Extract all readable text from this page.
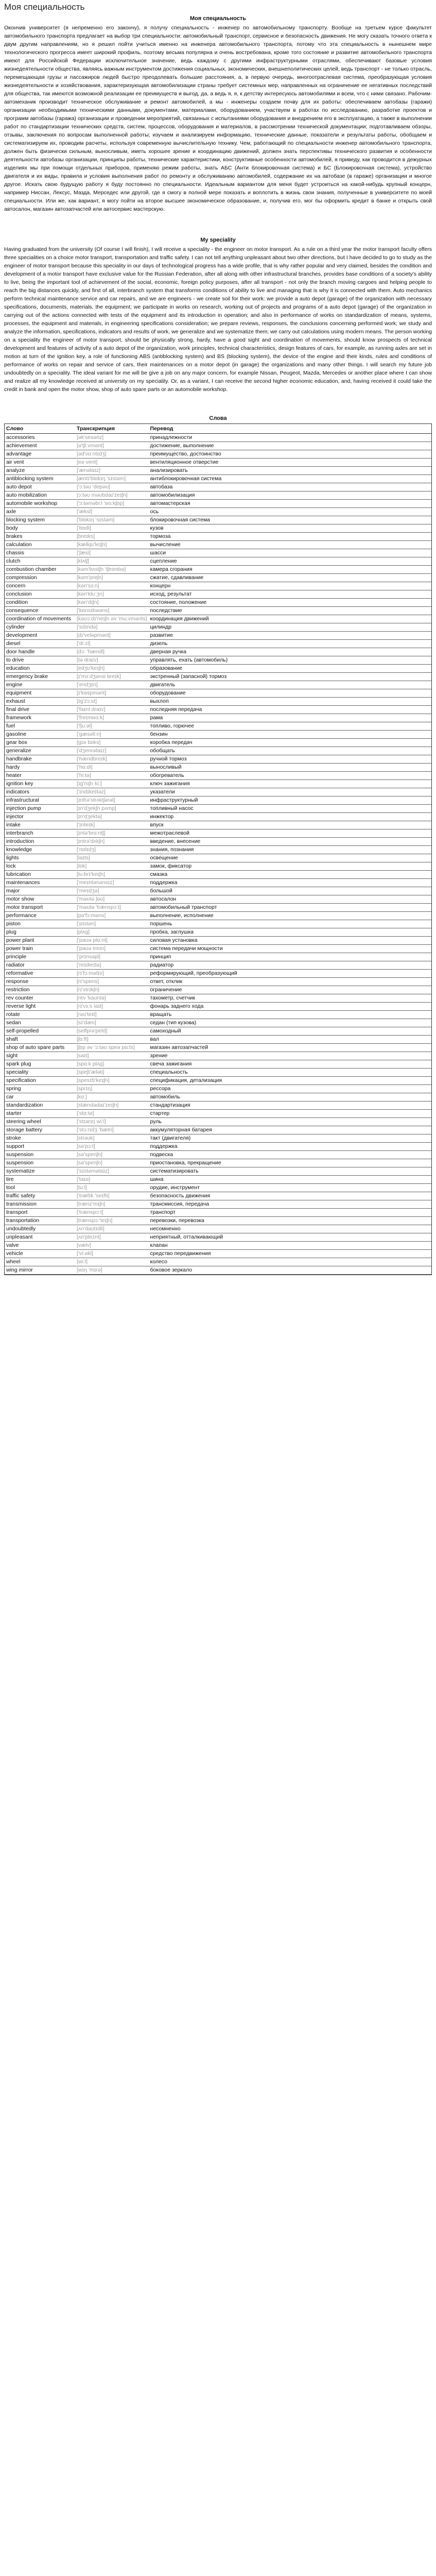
Моя специальность
Моя специальность

Окончив университет (я непременно его закончу), я получу специальность - инженер по автомобильному транспорту. Вообще на третьем курсе факультет автомобильного транспорта предлагает на выбор три специальности: автомобильный транспорт, сервисное и безопасность движения. Не могу сказать точного ответа к двум другим направлениям, но я решил пойти учиться именно на инженера автомобильного транспорта, потому что эта специальность в нынешнем мире технологического прогресса имеет широкий профиль, поэтому весьма популярна и очень востребована, кроме того состояние и развитие автомобильного транспорта имеют для Российской Федерации исключительное значение, ведь каждому с другими инфраструктурными отраслями, обеспечивают базовые условия жизнедеятельности общества, являясь важным инструментом достижения социальных, экономических, внешнеполитических целей, ведь транспорт - не только отрасль, перемещающая грузы и пассажиров людей быстро преодолевать большие расстояния, а, в первую очередь, многоотраслевая система, преобразующая условия жизнедеятельности и хозяйствования, характеризующая автомобилизации страны требует системных мер, направленных на ограничение ее негативных последствий для общества, так имеются возможной реализации ее преимуществ и выгод, да, а ведь я, я, к детству интересуюсь автомобилями и всем, что с ними связано. Рабочим-автомеханик производит техническое обслуживание и ремонт автомобилей, а мы - инженеры создаем почву для их работы: обеспечиваем автобазы (гаражи) организации необходимыми техническими данными, документами, материалами, оборудованием, участвуем в работах по исследованию, разработке проектов и программ автобазы (гаража) организации и проведении мероприятий, связанных с испытаниями оборудования и внедрением его в эксплуатацию, а также в выполнении работ по стандартизации технических средств, систем, процессов, оборудования и материалов, в рассмотрении технической документации; подготавливаем обзоры, отзывы, заключения по вопросам выполненной работы; изучаем и анализируем информацию, технические данные, показатели и результаты работы, обобщаем и систематизируем их, проводим расчеты, используя современную вычислительную технику. Чем, работающий по специальности инженер автомобильного транспорта, должен быть физически сильным, выносливым, иметь хорошее зрение и координацию движений, должен знать перспективы технического развития и особенности деятельности автобазы организации, принципы работы, технические характеристики, конструктивные особенности автомобилей, я приведу, как проводится в дежурных изделиях мы при помощи отдельных приборов, применяю режим работы, знать АБС (Анти блокировочная система) и БС (Блокировочная система), устройство двигателя и их виды, правила и условия выполнения работ по ремонту и обслуживанию автомобилей, содержание их на автобазе (в гараже) организации и многое другое. Искать свою будущую работу я буду постоянно по специальности. Идеальным вариантом для меня будет устроиться на какой-нибудь крупный концерн, например Ниссан, Лексус, Мазда, Мерседес или другой, где я смогу в полной мере показать и воплотить в жизнь свои знания, полученные в университете по моей специальности. Или же, как вариант, я могу пойти на второе высшее экономическое образование, и, получив его, мог бы оформить кредит в банке и открыть свой автосалон, магазин автозапчастей или автосервис мастерскую.

My speciality

Having graduated from the university (Of course I will finish), I will receive a speciality - the engineer on motor transport. As a rule on a third year the motor transport faculty offers three specialities on a choice motor transport, transportation and traffic safety. I can not tell anything unpleasant about two other directions, but I have decided to go to study as the engineer of motor transport because this speciality in our days of technological progress has a wide profile, that is why rather popular and very claimed, besides the condition and development of a motor transport have exclusive value for the Russian Federation, after all along with other infrastructural branches, provides base conditions of a society's ability to live, being the important tool of achievement of the social, economic, foreign policy purposes, after all transport - not only the branch moving cargoes and helping people to reach the big distances quickly, and first of all, interbranch system that transforms conditions of ability to live and managing that is why it is connected with them. Auto mechanics perform technical maintenance service and car repairs, and we are engineers - we create soil for their work: we provide a auto depot (garage) of the organization with necessary specifications, documents, materials, the equipment; we participate in works on research, working out of projects and programs of a auto depot (garage) of the organization in carrying out of the actions connected with tests of the equipment and its introduction in operation; and also in performance of works on standardization of means, systems, processes, the equipment and materials, in engineering specifications consideration; we prepare reviews, responses, the conclusions concerning performed work; we study and analyze the information, specifications, indicators and results of work, we generalize and we systematize them; we carry out calculations using modern means. The person working on a speciality the engineer of motor transport, should be physically strong, hardy, have a good sight and coordination of movements, should know prospects of technical development and features of activity of a auto depot of the organization, work principles, technical characteristics, design features of cars, for example, as running axles are set in motion at turn of the ignition key, a role of functioning ABS (antiblocking system) and BS (blocking system), the device of the engine and their kinds, rules and conditions of performance of works on repair and service of cars, their maintenances on a motor depot (in garage) the organizations and many other things. I will search my future job undoubtedly on a speciality. The ideal variant for me will be give a job on any major concern, for example Nissan, Peugeot, Mazda, Mercedes or another place where I can show and realize all my knowledge received at university on my speciality. Or, as a variant, I can receive the second higher economic education, and, having received it could take the credit in bank and open the motor show, shop of auto spare parts or an automobile workshop.

Слова
Слово	Транскрипция	Перевод
accessories	[ək'sesəriz]	принадлежности
achievement	[ə'tʃi:vmənt]	достижение, выполнение
advantage	[əd'vɑ:ntɪdʒ]	преимущество, достоинство
air vent	[eə vent]	вентиляционное отверстие
analyze	['ænəlaɪz]	анализировать
antiblocking system	[æntɪ'blɒkɪŋ 'sɪstəm]	антиблокировочная система
auto depot	['ɔ:təʊ 'depəʊ]	автобаза
auto mobilization	[ɔ:təʊ məʊbɪlaɪ'zeɪʃn]	автомобилизация
automobile workshop	['ɔ:təməbi:l 'wɜ:kʃɒp]	автомастерская
axle	['æksl]	ось
blocking system	['blɒkɪŋ 'sɪstəm]	блокировочная система
body	['bɒdi]	кузов
brakes	[breɪks]	тормоза
calculation	[kælkjʊ'leɪʃn]	вычисление
chassis	['ʃæsi]	шасси
clutch	[klʌtʃ]	сцепление
combustion chamber	[kəm'bʌstʃn 'tʃeɪmbə]	камера сгорания
compression	[kəm'preʃn]	сжатие, сдавливание
concern	[kən'sɜ:n]	концерн
conclusion	[kən'klu:ʒn]	исход, результат
condition	[kən'dɪʃn]	состояние, положение
consequence	['kɒnsɪkwəns]	последствие
coordination of movements	[kəʊɔ:dɪ'neɪʃn əv 'mu:vmənts]	координация движений
cylinder	['sɪlɪndə]	цилиндр
development	[dɪ'veləpmənt]	развитие
diesel	['di:zl]	дизель
door handle	[dɔ: 'hændl]	дверная ручка
to drive	[tə draɪv]	управлять, ехать (автомобиль)
education	[edʒʊ'keɪʃn]	образование
emergency brake	[ɪ'mɜ:dʒənsi breɪk]	экстренный (запасной) тормоз
engine	['endʒɪn]	двигатель
equipment	[ɪ'kwɪpmənt]	оборудование
exhaust	[ɪg'zɔ:st]	выхлоп
final drive	['faɪnl draɪv]	последняя передача
framework	['freɪmwɜ:k]	рама
fuel	['fju:əl]	топливо, горючее
gasoline	['gæsəli:n]	бензин
gear box	[gɪə bɒks]	коробка передач
generalize	['dʒenrəlaɪz]	обобщать
handbrake	['hændbreɪk]	ручной тормоз
hardy	['hɑ:di]	выносливый
heater	['hi:tə]	обогреватель
ignition key	[ɪg'nɪʃn ki:]	ключ зажигания
indicators	['ɪndɪkeɪtəz]	указатели
infrastructural	[ɪnfrə'strʌktʃərəl]	инфраструктурный
injection pump	[ɪn'dʒekʃn pʌmp]	топливный насос
injector	[ɪn'dʒektə]	инжектор
intake	['ɪnteɪk]	впуск
interbranch	[ɪntə'brɑ:ntʃ]	межотраслевой
introduction	[ɪntrə'dʌkʃn]	введение, внесение
knowledge	['nɒlɪdʒ]	знания, познания
lights	[laɪts]	освещение
lock	[lɒk]	замок, фиксатор
lubrication	[lu:brɪ'keɪʃn]	смазка
maintenances	['meɪntənənsɪz]	поддержка
major	['meɪdʒə]	большой
motor show	['məʊtə ʃəʊ]	автосалон
motor transport	['məʊtə 'trænspɔ:t]	автомобильный транспорт
performance	[pə'fɔ:məns]	выполнение, исполнение
piston	['pɪstən]	поршень
plug	[plʌg]	пробка, заглушка
power plant	['paʊə plɑ:nt]	силовая установка
power train	['paʊə treɪn]	система передачи мощности
principle	['prɪnsəpl]	принцип
radiator	['reɪdieɪtə]	радиатор
reformative	[rɪ'fɔ:mətɪv]	реформирующий, преобразующий
response	[rɪ'spɒns]	ответ, отклик
restriction	[rɪ'strɪkʃn]	ограничение
rev counter	[rev 'kaʊntə]	тахометр, счетчик
reverse light	[rɪ'vɜ:s laɪt]	фонарь заднего хода
rotate	[rəʊ'teɪt]	вращать
sedan	[sɪ'dæn]	седан (тип кузова)
self-propelled	[selfprə'peld]	самоходный
shaft	[ʃɑ:ft]	вал
shop of auto spare parts	[ʃɒp əv 'ɔ:təʊ speə pɑ:ts]	магазин автозапчастей
sight	[saɪt]	зрение
spark plug	[spɑ:k plʌg]	свеча зажигания
speciality	[speʃɪ'æləti]	специальность
specification	[spesɪfɪ'keɪʃn]	спецификация, детализация
spring	[sprɪŋ]	рессора
car	[kɑ:]	автомобиль
standardization	[stændədaɪ'zeɪʃn]	стандартизация
starter	['stɑ:tə]	стартер
steering wheel	['stɪərɪŋ wi:l]	руль
storage battery	['stɔ:rɪdʒ 'bætri]	аккумуляторная батарея
stroke	[strəʊk]	такт (двигателя)
support	[sə'pɔ:t]	поддержка
suspension	[sə'spenʃn]	подвеска
suspension	[sə'spenʃn]	приостановка, прекращение
systematize	['sɪstəmətaɪz]	систематизировать
tire	['taɪə]	шина
tool	[tu:l]	орудие, инструмент
traffic safety	['træfɪk 'seɪfti]	безопасность движения
transmission	[trænz'mɪʃn]	трансмиссия, передача
transport	['trænspɔ:t]	транспорт
transportation	[trænspɔ:'teɪʃn]	перевозки, перевозка
undoubtedly	[ʌn'daʊtɪdli]	несомненно
unpleasant	[ʌn'pleznt]	неприятный, отталкивающий
valve	[vælv]	клапан
vehicle	['vi:əkl]	средство передвижения
wheel	[wi:l]	колесо
wing mirror	[wɪŋ 'mɪrə]	боковое зеркало
